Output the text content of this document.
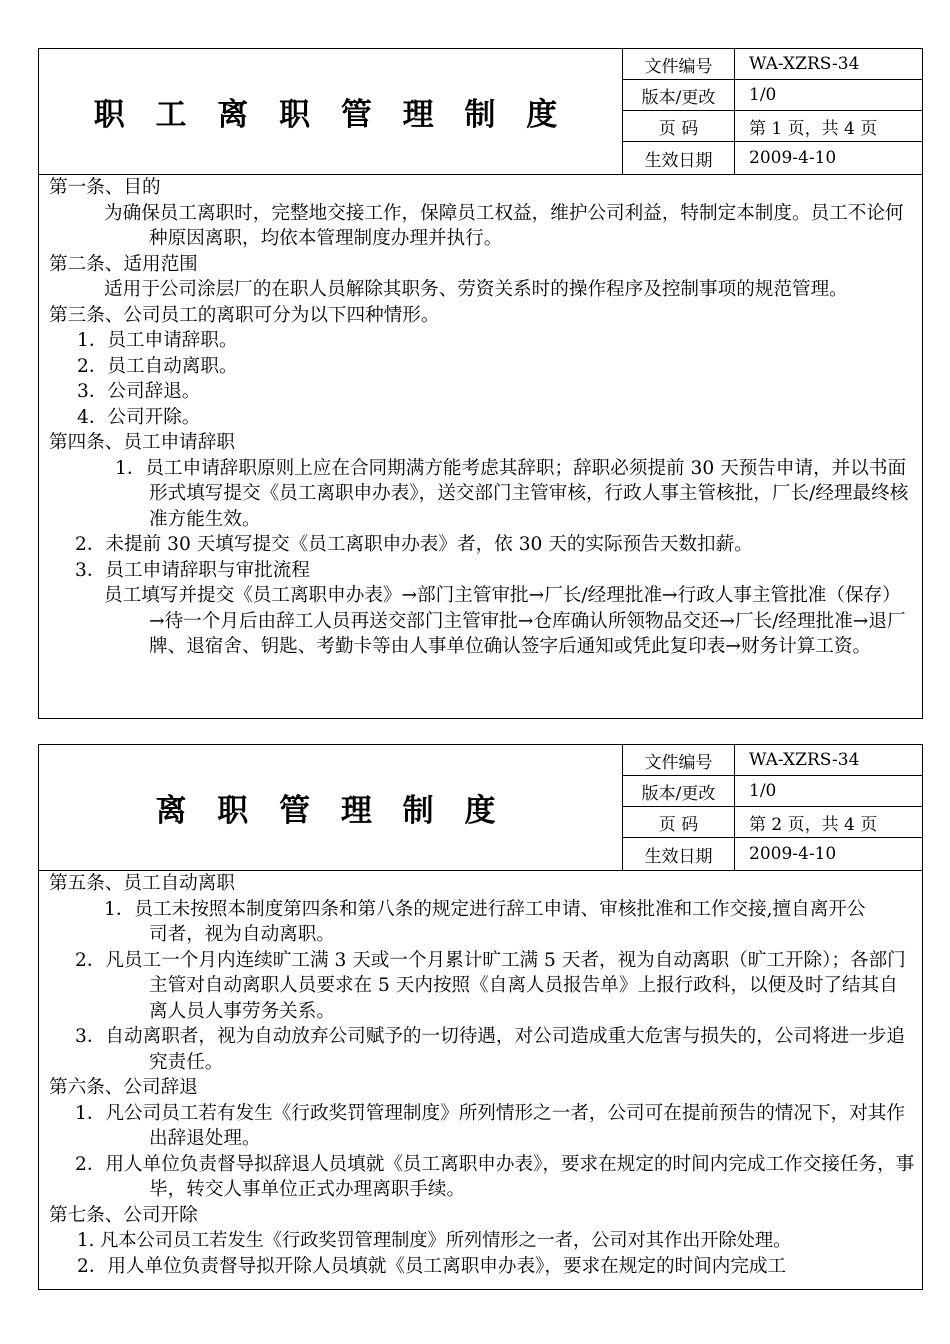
职 工 离 职 管 理 制 度
文件编号	WA-XZRS-34
版本/更改	1/0
页 码	第 1 页，共 4 页
生效日期	2009-4-10

第一条、目的

为确保员工离职时，完整地交接工作，保障员工权益，维护公司利益，特制定本制度。员工不论何种原因离职，均依本管理制度办理并执行。

第二条、适用范围

适用于公司涂层厂的在职人员解除其职务、劳资关系时的操作程序及控制事项的规范管理。

第三条、公司员工的离职可分为以下四种情形。

1．员工申请辞职。

2．员工自动离职。

3．公司辞退。

4．公司开除。

第四条、员工申请辞职

1．员工申请辞职原则上应在合同期满方能考虑其辞职；辞职必须提前 30 天预告申请，并以书面形式填写提交《员工离职申办表》，送交部门主管审核，行政人事主管核批，厂长/经理最终核准方能生效。

2．未提前 30 天填写提交《员工离职申办表》者，依 30 天的实际预告天数扣薪。

3．员工申请辞职与审批流程

员工填写并提交《员工离职申办表》→部门主管审批→厂长/经理批准→行政人事主管批准（保存）→待一个月后由辞工人员再送交部门主管审批→仓库确认所领物品交还→厂长/经理批准→退厂牌、退宿舍、钥匙、考勤卡等由人事单位确认签字后通知或凭此复印表→财务计算工资。

离 职 管 理 制 度
文件编号	WA-XZRS-34
版本/更改	1/0
页 码	第 2 页，共 4 页
生效日期	2009-4-10

第五条、员工自动离职

1．员工未按照本制度第四条和第八条的规定进行辞工申请、审核批准和工作交接,擅自离开公

司者，视为自动离职。

2．凡员工一个月内连续旷工满 3 天或一个月累计旷工满 5 天者，视为自动离职（旷工开除）；各部门主管对自动离职人员要求在 5 天内按照《自离人员报告单》上报行政科，以便及时了结其自离人员人事劳务关系。

3．自动离职者，视为自动放弃公司赋予的一切待遇，对公司造成重大危害与损失的，公司将进一步追究责任。

第六条、公司辞退

1．凡公司员工若有发生《行政奖罚管理制度》所列情形之一者，公司可在提前预告的情况下，对其作出辞退处理。

2．用人单位负责督导拟辞退人员填就《员工离职申办表》，要求在规定的时间内完成工作交接任务，事毕，转交人事单位正式办理离职手续。

第七条、公司开除

1. 凡本公司员工若发生《行政奖罚管理制度》所列情形之一者，公司对其作出开除处理。

2．用人单位负责督导拟开除人员填就《员工离职申办表》，要求在规定的时间内完成工
